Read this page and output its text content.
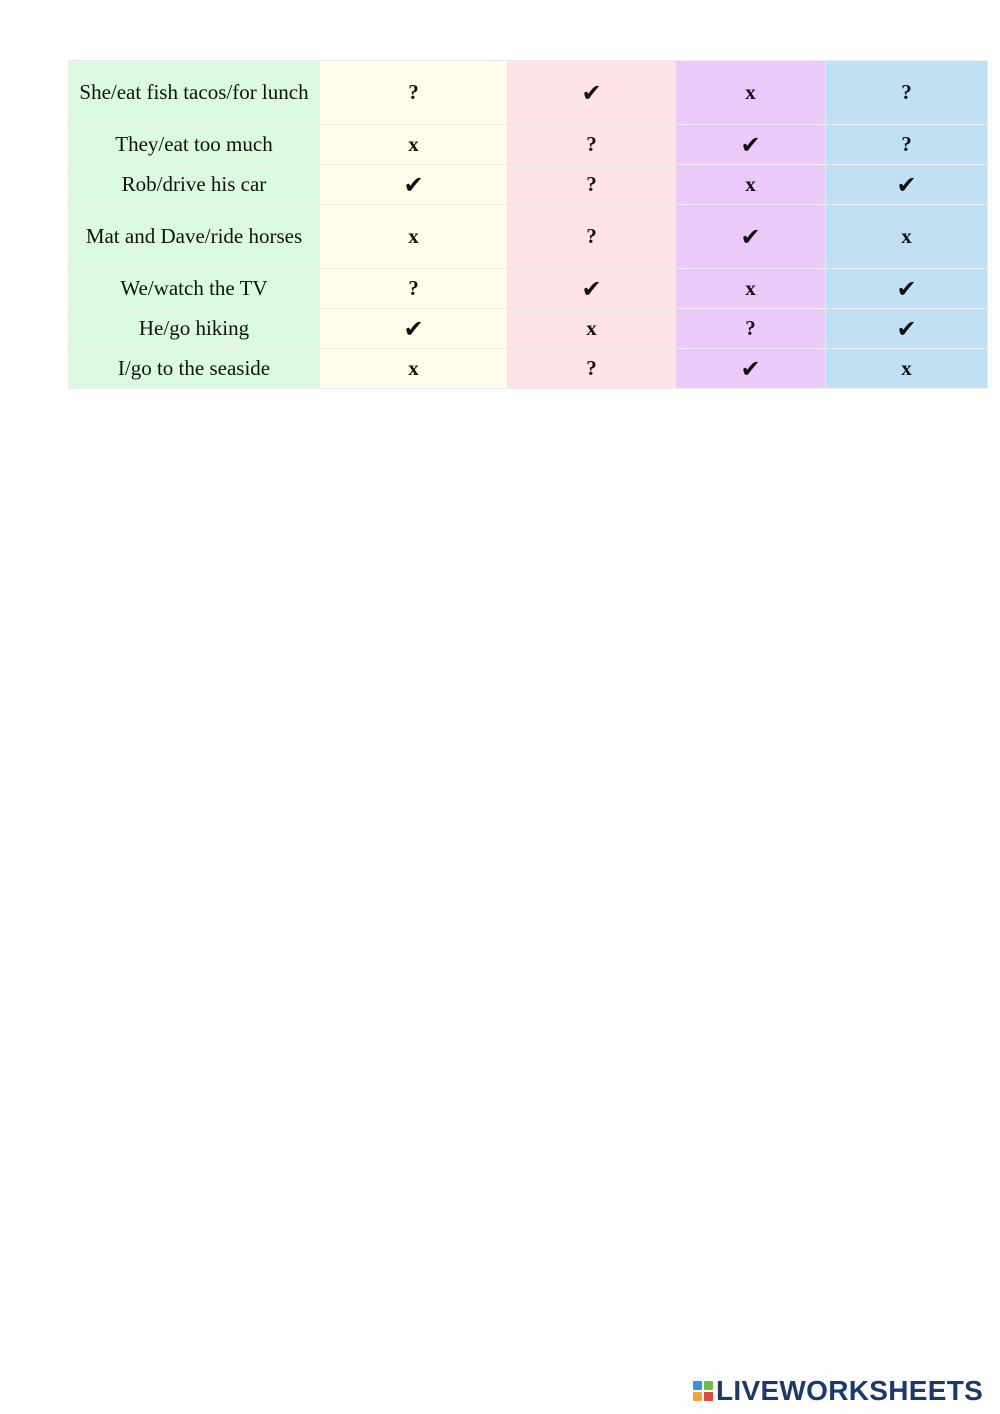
She/eat fish tacos/for lunch	?	✔	x	?
They/eat too much	x	?	✔	?
Rob/drive his car	✔	?	x	✔
Mat and Dave/ride horses	x	?	✔	x
We/watch the TV	?	✔	x	✔
He/go hiking	✔	x	?	✔
I/go to the seaside	x	?	✔	x
LIVEWORKSHEETS
